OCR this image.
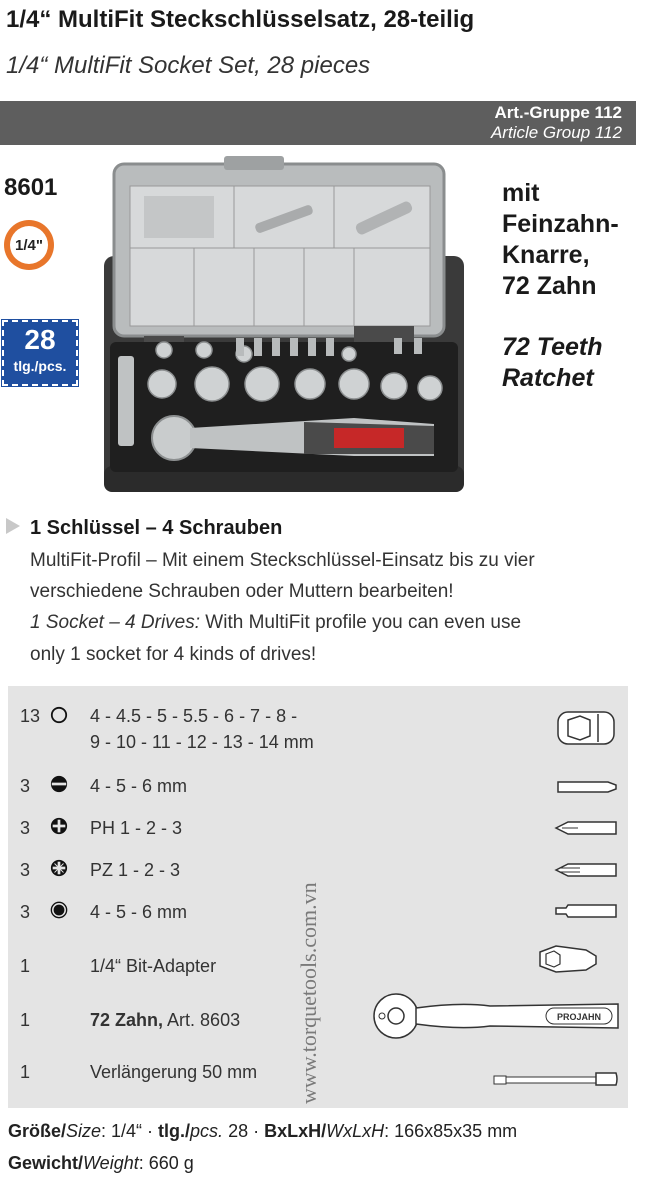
1/4“ MultiFit Steckschlüsselsatz, 28-teilig
1/4“ MultiFit Socket Set, 28 pieces
Art.-Gruppe 112
Article Group 112
8601
1/4"
28
tlg./pcs.
mit
Feinzahn-
Knarre,
72 Zahn
72 Teeth
Ratchet
1 Schlüssel – 4 Schrauben
MultiFit-Profil – Mit einem Steckschlüssel-Einsatz bis zu vier
verschiedene Schrauben oder Muttern bearbeiten!
1 Socket – 4 Drives: With MultiFit profile you can even use
only 1 socket for 4 kinds of drives!
13	4 - 4.5 - 5 - 5.5 - 6 - 7 - 8 -
9 - 10 - 11 - 12 - 13 - 14 mm
3	4 - 5 - 6 mm
3	PH 1 - 2 - 3
3	PZ 1 - 2 - 3
3	4 - 5 - 6 mm
1	1/4“ Bit-Adapter
1	72 Zahn, Art. 8603	PROJAHN
1	Verlängerung 50 mm www.torquetools.com.vn
Größe/Size: 1/4“ · tlg./pcs. 28 · BxLxH/WxLxH: 166x85x35 mm
Gewicht/Weight: 660 g
